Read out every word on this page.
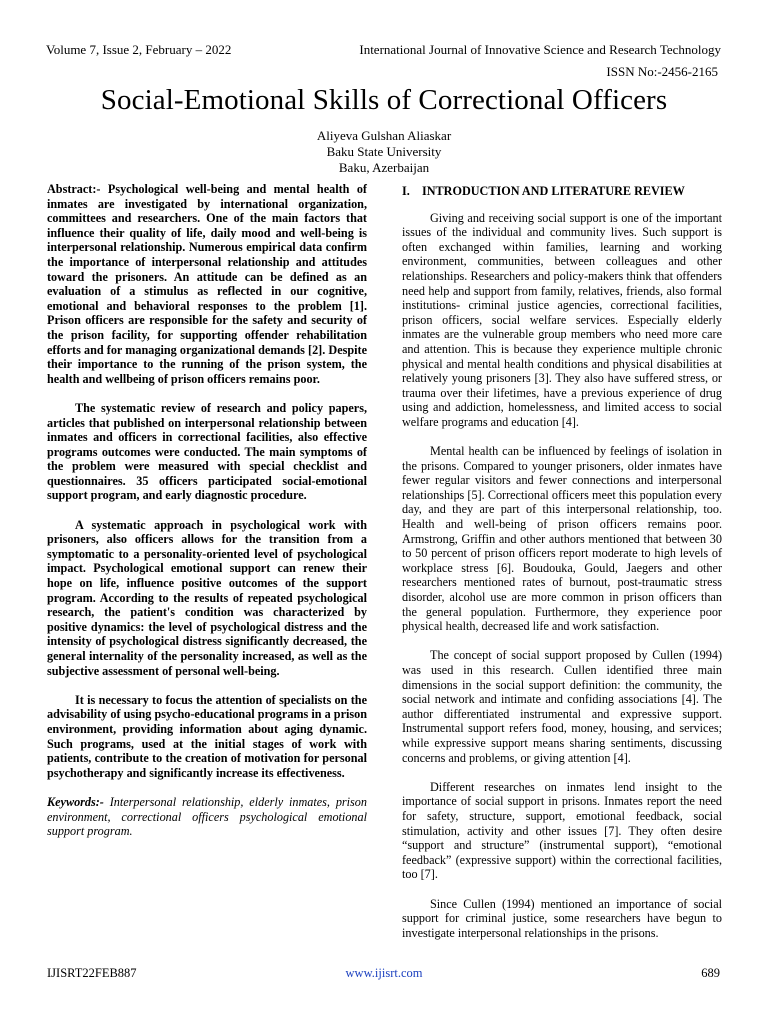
Volume 7, Issue 2, February – 2022	International Journal of Innovative Science and Research Technology
ISSN No:-2456-2165
Social-Emotional Skills of Correctional Officers
Aliyeva Gulshan Aliaskar
Baku State University
Baku, Azerbaijan

Abstract:- Psychological well-being and mental health of inmates are investigated by international organization, committees and researchers. One of the main factors that influence their quality of life, daily mood and well-being is interpersonal relationship. Numerous empirical data confirm the importance of interpersonal relationship and attitudes toward the prisoners. An attitude can be defined as an evaluation of a stimulus as reflected in our cognitive, emotional and behavioral responses to the problem [1]. Prison officers are responsible for the safety and security of the prison facility, for supporting offender rehabilitation efforts and for managing organizational demands [2]. Despite their importance to the running of the prison system, the health and wellbeing of prison officers remains poor.

The systematic review of research and policy papers, articles that published on interpersonal relationship between inmates and officers in correctional facilities, also effective programs outcomes were conducted. The main symptoms of the problem were measured with special checklist and questionnaires. 35 officers participated social-emotional support program, and early diagnostic procedure.

A systematic approach in psychological work with prisoners, also officers allows for the transition from a symptomatic to a personality-oriented level of psychological impact. Psychological emotional support can renew their hope on life, influence positive outcomes of the support program. According to the results of repeated psychological research, the patient's condition was characterized by positive dynamics: the level of psychological distress and the intensity of psychological distress significantly decreased, the general internality of the personality increased, as well as the subjective assessment of personal well-being.

It is necessary to focus the attention of specialists on the advisability of using psycho-educational programs in a prison environment, providing information about aging dynamic. Such programs, used at the initial stages of work with patients, contribute to the creation of motivation for personal psychotherapy and significantly increase its effectiveness.

Keywords:- Interpersonal relationship, elderly inmates, prison environment, correctional officers psychological emotional support program.

I. INTRODUCTION AND LITERATURE REVIEW

Giving and receiving social support is one of the important issues of the individual and community lives. Such support is often exchanged within families, learning and working environment, communities, between colleagues and other relationships. Researchers and policy-makers think that offenders need help and support from family, relatives, friends, also formal institutions- criminal justice agencies, correctional facilities, prison officers, social welfare services. Especially elderly inmates are the vulnerable group members who need more care and attention. This is because they experience multiple chronic physical and mental health conditions and physical disabilities at relatively young prisoners [3]. They also have suffered stress, or trauma over their lifetimes, have a previous experience of drug using and addiction, homelessness, and limited access to social welfare programs and education [4].

Mental health can be influenced by feelings of isolation in the prisons. Compared to younger prisoners, older inmates have fewer regular visitors and fewer connections and interpersonal relationships [5]. Correctional officers meet this population every day, and they are part of this interpersonal relationship, too. Health and well-being of prison officers remains poor. Armstrong, Griffin and other authors mentioned that between 30 to 50 percent of prison officers report moderate to high levels of workplace stress [6]. Boudouka, Gould, Jaegers and other researchers mentioned rates of burnout, post-traumatic stress disorder, alcohol use are more common in prison officers than the general population. Furthermore, they experience poor physical health, decreased life and work satisfaction.

The concept of social support proposed by Cullen (1994) was used in this research. Cullen identified three main dimensions in the social support definition: the community, the social network and intimate and confiding associations [4]. The author differentiated instrumental and expressive support. Instrumental support refers food, money, housing, and services; while expressive support means sharing sentiments, discussing concerns and problems, or giving attention [4].

Different researches on inmates lend insight to the importance of social support in prisons. Inmates report the need for safety, structure, support, emotional feedback, social stimulation, activity and other issues [7]. They often desire “support and structure” (instrumental support), “emotional feedback” (expressive support) within the correctional facilities, too [7].

Since Cullen (1994) mentioned an importance of social support for criminal justice, some researchers have begun to investigate interpersonal relationships in the prisons.

IJISRT22FEB887	www.ijisrt.com	689
